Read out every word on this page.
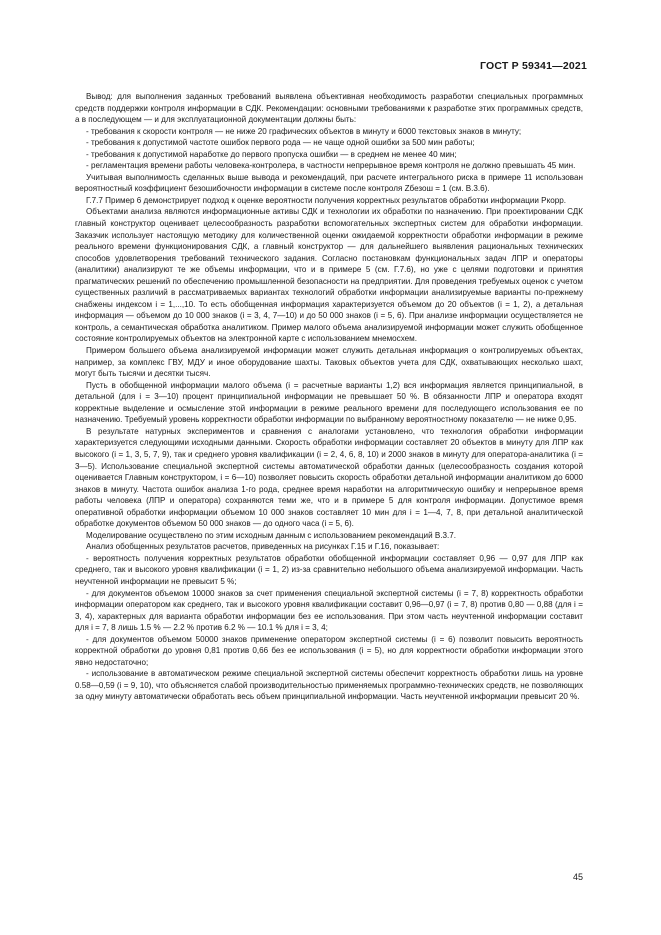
ГОСТ Р 59341—2021

Вывод: для выполнения заданных требований выявлена объективная необходимость разработки специальных программных средств поддержки контроля информации в СДК. Рекомендации: основными требованиями к разработке этих программных средств, а в последующем — и для эксплуатационной документации должны быть:

- требования к скорости контроля — не ниже 20 графических объектов в минуту и 6000 текстовых знаков в минуту;

- требования к допустимой частоте ошибок первого рода — не чаще одной ошибки за 500 мин работы;

- требования к допустимой наработке до первого пропуска ошибки — в среднем не менее 40 мин;

- регламентация времени работы человека-контролера, в частности непрерывное время контроля не должно превышать 45 мин.

Учитывая выполнимость сделанных выше вывода и рекомендаций, при расчете интегрального риска в примере 11 использован вероятностный коэффициент безошибочности информации в системе после контроля Zбезош = 1 (см. В.3.6).

Г.7.7 Пример 6 демонстрирует подход к оценке вероятности получения корректных результатов обработки информации Pкорр.

Объектами анализа являются информационные активы СДК и технологии их обработки по назначению. При проектировании СДК главный конструктор оценивает целесообразность разработки вспомогательных экспертных систем для обработки информации. Заказчик использует настоящую методику для количественной оценки ожидаемой корректности обработки информации в режиме реального времени функционирования СДК, а главный конструктор — для дальнейшего выявления рациональных технических способов удовлетворения требований технического задания. Согласно постановкам функциональных задач ЛПР и операторы (аналитики) анализируют те же объемы информации, что и в примере 5 (см. Г.7.6), но уже с целями подготовки и принятия прагматических решений по обеспечению промышленной безопасности на предприятии. Для проведения требуемых оценок с учетом существенных различий в рассматриваемых вариантах технологий обработки информации анализируемые варианты по-прежнему снабжены индексом i = 1,...,10. То есть обобщенная информация характеризуется объемом до 20 объектов (i = 1, 2), а детальная информация — объемом до 10 000 знаков (i = 3, 4, 7—10) и до 50 000 знаков (i = 5, 6). При анализе информации осуществляется не контроль, а семантическая обработка аналитиком. Пример малого объема анализируемой информации может служить обобщенное состояние контролируемых объектов на электронной карте с использованием мнемосхем.

Примером большего объема анализируемой информации может служить детальная информация о контролируемых объектах, например, за комплекс ГВУ, МДУ и иное оборудование шахты. Таковых объектов учета для СДК, охватывающих несколько шахт, могут быть тысячи и десятки тысяч.

Пусть в обобщенной информации малого объема (i = расчетные варианты 1,2) вся информация является принципиальной, в детальной (для i = 3—10) процент принципиальной информации не превышает 50 %. В обязанности ЛПР и оператора входят корректные выделение и осмысление этой информации в режиме реального времени для последующего использования ее по назначению. Требуемый уровень корректности обработки информации по выбранному вероятностному показателю — не ниже 0,95.

В результате натурных экспериментов и сравнения с аналогами установлено, что технология обработки информации характеризуется следующими исходными данными. Скорость обработки информации составляет 20 объектов в минуту для ЛПР как высокого (i = 1, 3, 5, 7, 9), так и среднего уровня квалификации (i = 2, 4, 6, 8, 10) и 2000 знаков в минуту для оператора-аналитика (i = 3—5). Использование специальной экспертной системы автоматической обработки данных (целесообразность создания которой оценивается Главным конструктором, i = 6—10) позволяет повысить скорость обработки детальной информации аналитиком до 6000 знаков в минуту. Частота ошибок анализа 1-го рода, среднее время наработки на алгоритмическую ошибку и непрерывное время работы человека (ЛПР и оператора) сохраняются теми же, что и в примере 5 для контроля информации. Допустимое время оперативной обработки информации объемом 10 000 знаков составляет 10 мин для i = 1—4, 7, 8, при детальной аналитической обработке документов объемом 50 000 знаков — до одного часа (i = 5, 6).

Моделирование осуществлено по этим исходным данным с использованием рекомендаций В.3.7.

Анализ обобщенных результатов расчетов, приведенных на рисунках Г.15 и Г.16, показывает:

- вероятность получения корректных результатов обработки обобщенной информации составляет 0,96 — 0,97 для ЛПР как среднего, так и высокого уровня квалификации (i = 1, 2) из-за сравнительно небольшого объема анализируемой информации. Часть неучтенной информации не превысит 5 %;

- для документов объемом 10000 знаков за счет применения специальной экспертной системы (i = 7, 8) корректность обработки информации оператором как среднего, так и высокого уровня квалификации составит 0,96—0,97 (i = 7, 8) против 0,80 — 0,88 (для i = 3, 4), характерных для варианта обработки информации без ее использования. При этом часть неучтенной информации составит для i = 7, 8 лишь 1.5 % — 2.2 % против 6.2 % — 10.1 % для i = 3, 4;

- для документов объемом 50000 знаков применение оператором экспертной системы (i = 6) позволит повысить вероятность корректной обработки до уровня 0,81 против 0,66 без ее использования (i = 5), но для корректности обработки информации этого явно недостаточно;

- использование в автоматическом режиме специальной экспертной системы обеспечит корректность обработки лишь на уровне 0.58—0,59 (i = 9, 10), что объясняется слабой производительностью применяемых программно-технических средств, не позволяющих за одну минуту автоматически обработать весь объем принципиальной информации. Часть неучтенной информации превысит 20 %.

45
